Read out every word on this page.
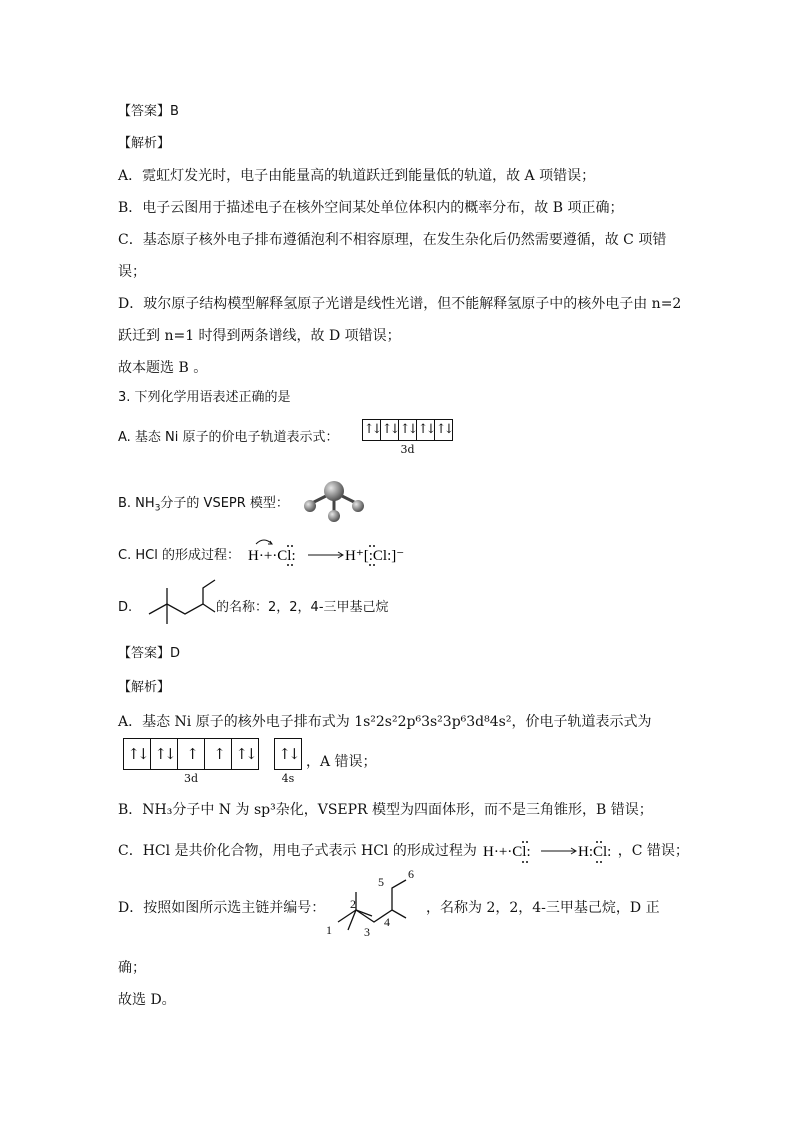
【答案】B
【解析】
A．霓虹灯发光时，电子由能量高的轨道跃迁到能量低的轨道，故 A 项错误；
B．电子云图用于描述电子在核外空间某处单位体积内的概率分布，故 B 项正确；
C．基态原子核外电子排布遵循泡利不相容原理，在发生杂化后仍然需要遵循，故 C 项错
误；
D．玻尔原子结构模型解释氢原子光谱是线性光谱，但不能解释氢原子中的核外电子由 n=2
跃迁到 n=1 时得到两条谱线，故 D 项错误；
故本题选 B 。
3. 下列化学用语表述正确的是
A. 基态 Ni 原子的价电子轨道表示式：
↑↓ ↑↓ ↑↓ ↑↓ ↑↓
3d
B. $NH_3$分子的 VSEPR 模型：
C. HCl 的形成过程： H·+·Cl:	H⁺[:Cl:]⁻
D.	的名称：2，2，4-三甲基己烷
【答案】D
【解析】
A．基态 Ni 原子的核外电子排布式为 1s²2s²2p⁶3s²3p⁶3d⁸4s²，价电子轨道表示式为
↑↓ ↑↓ ↑	↑ ↑↓
3d
↑↓
4s
，A 错误；
B．NH₃分子中 N 为 sp³杂化，VSEPR 模型为四面体形，而不是三角锥形，B 错误；
C．HCl 是共价化合物，用电子式表示 HCl 的形成过程为 H·+·Cl:	H:Cl: ，C 错误；
D．按照如图所示选主链并编号：
1
2
3
4
5
6
，名称为 2，2，4-三甲基己烷，D 正
确；
故选 D。
